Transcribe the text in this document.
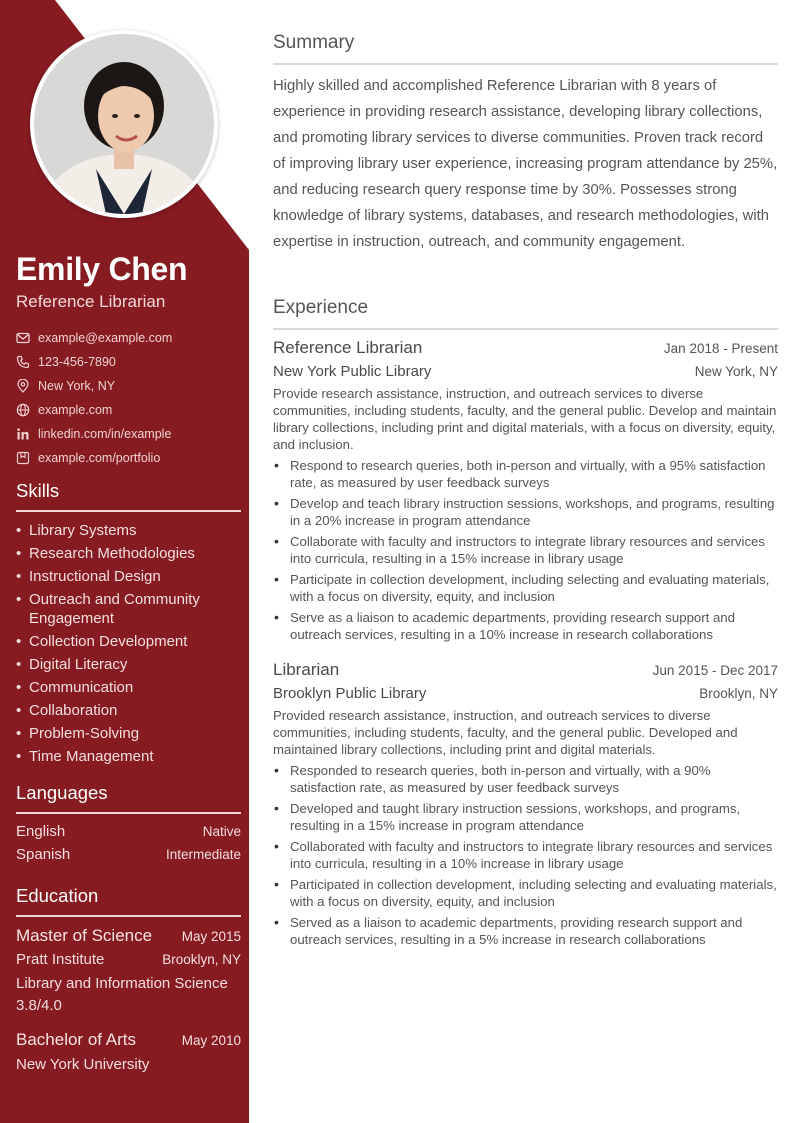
Emily Chen
Reference Librarian
example@example.com
123-456-7890
New York, NY
example.com
linkedin.com/in/example
example.com/portfolio
Skills
• Library Systems
• Research Methodologies
• Instructional Design
• Outreach and Community Engagement
• Collection Development
• Digital Literacy
• Communication
• Collaboration
• Problem-Solving
• Time Management
Languages
English	Native
Spanish	Intermediate
Education
Master of Science May 2015
Pratt Institute	Brooklyn, NY
Library and Information Science
3.8/4.0
Bachelor of Arts	May 2010
New York University
Summary
Highly skilled and accomplished Reference Librarian with 8 years of experience in providing research assistance, developing library collections, and promoting library services to diverse communities. Proven track record of improving library user experience, increasing program attendance by 25%, and reducing research query response time by 30%. Possesses strong knowledge of library systems, databases, and research methodologies, with expertise in instruction, outreach, and community engagement.
Experience
Reference Librarian	Jan 2018 - Present
New York Public Library	New York, NY
Provide research assistance, instruction, and outreach services to diverse communities, including students, faculty, and the general public. Develop and maintain library collections, including print and digital materials, with a focus on diversity, equity, and inclusion.
• Respond to research queries, both in-person and virtually, with a 95% satisfaction rate, as measured by user feedback surveys
• Develop and teach library instruction sessions, workshops, and programs, resulting in a 20% increase in program attendance
• Collaborate with faculty and instructors to integrate library resources and services into curricula, resulting in a 15% increase in library usage
• Participate in collection development, including selecting and evaluating materials, with a focus on diversity, equity, and inclusion
• Serve as a liaison to academic departments, providing research support and outreach services, resulting in a 10% increase in research collaborations
Librarian	Jun 2015 - Dec 2017
Brooklyn Public Library	Brooklyn, NY
Provided research assistance, instruction, and outreach services to diverse communities, including students, faculty, and the general public. Developed and maintained library collections, including print and digital materials.
• Responded to research queries, both in-person and virtually, with a 90% satisfaction rate, as measured by user feedback surveys
• Developed and taught library instruction sessions, workshops, and programs, resulting in a 15% increase in program attendance
• Collaborated with faculty and instructors to integrate library resources and services into curricula, resulting in a 10% increase in library usage
• Participated in collection development, including selecting and evaluating materials, with a focus on diversity, equity, and inclusion
• Served as a liaison to academic departments, providing research support and outreach services, resulting in a 5% increase in research collaborations
